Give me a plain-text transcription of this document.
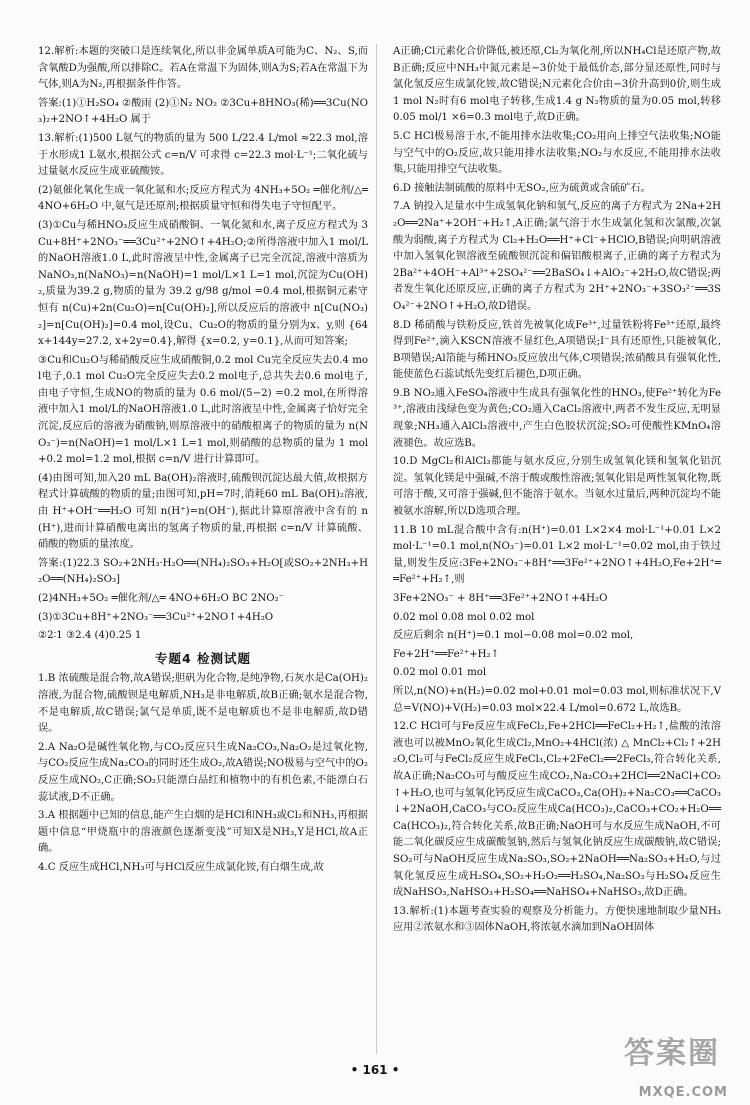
12.解析:本题的突破口是连续氧化,所以非金属单质A可能为C、N₂、S,而含氧酸D为强酸,所以排除C。若A在常温下为固体,则A为S;若A在常温下为气体,则A为N₂,再根据条件作答。

答案:(1)①H₂SO₄ ②酸雨 (2)①N₂ NO₂ ②3Cu+8HNO₃(稀)══3Cu(NO₃)₂+2NO↑+4H₂O 属于

13.解析:(1)500 L氨气的物质的量为 500 L/22.4 L/mol ≈22.3 mol,溶于水形成1 L氨水,根据公式 c=n/V 可求得 c=22.3 mol·L⁻¹;二氧化硫与过量氨水反应生成亚硫酸铵。

(2)氨催化氧化生成一氧化氮和水;反应方程式为 4NH₃+5O₂ ═催化剂/△═ 4NO+6H₂O 中,氨气是还原剂;根据质量守恒和得失电子守恒配平。

(3)①Cu与稀HNO₃反应生成硝酸铜、一氧化氮和水,离子反应方程式为 3Cu+8H⁺+2NO₃⁻══3Cu²⁺+2NO↑+4H₂O;②所得溶液中加入1 mol/L的NaOH溶液1.0 L,此时溶液呈中性,金属离子已完全沉淀,溶液中溶质为NaNO₃,n(NaNO₃)=n(NaOH)=1 mol/L×1 L=1 mol,沉淀为Cu(OH)₂,质量为39.2 g,物质的量为 39.2 g/98 g/mol =0.4 mol,根据铜元素守恒有 n(Cu)+2n(Cu₂O)=n[Cu(OH)₂],所以反应后的溶液中 n[Cu(NO₃)₂]=n[Cu(OH)₂]=0.4 mol,设Cu、Cu₂O的物质的量分别为x、y,则 {64x+144y=27.2, x+2y=0.4},解得 {x=0.2, y=0.1},从而可知答案;

③Cu和Cu₂O与稀硝酸反应生成硝酸铜,0.2 mol Cu完全反应失去0.4 mol电子,0.1 mol Cu₂O完全反应失去0.2 mol电子,总共失去0.6 mol电子,由电子守恒,生成NO的物质的量为 0.6 mol/(5−2) =0.2 mol,在所得溶液中加入1 mol/L的NaOH溶液1.0 L,此时溶液呈中性,金属离子恰好完全沉淀,反应后的溶液为硝酸钠,则原溶液中的硝酸根离子的物质的量为 n(NO₃⁻)=n(NaOH)=1 mol/L×1 L=1 mol,则硝酸的总物质的量为 1 mol+0.2 mol=1.2 mol,根据 c=n/V 进行计算即可。

(4)由图可知,加入20 mL Ba(OH)₂溶液时,硫酸钡沉淀达最大值,故根据方程式计算硫酸的物质的量;由图可知,pH=7时,消耗60 mL Ba(OH)₂溶液,由 H⁺+OH⁻══H₂O 可知 n(H⁺)=n(OH⁻),据此计算原溶液中含有的 n(H⁺),进而计算硝酸电离出的氢离子物质的量,再根据 c=n/V 计算硫酸、硝酸的物质的量浓度。

答案:(1)22.3 SO₂+2NH₃·H₂O══(NH₄)₂SO₃+H₂O[或SO₂+2NH₃+H₂O══(NH₄)₂SO₃]

(2)4NH₃+5O₂ ═催化剂/△═ 4NO+6H₂O BC 2NO₂⁻

(3)①3Cu+8H⁺+2NO₃⁻══3Cu²⁺+2NO↑+4H₂O

②2∶1 ③2.4 (4)0.25 1

专题4 检测试题

1.B 浓硫酸是混合物,故A错误;胆矾为化合物,是纯净物,石灰水是Ca(OH)₂溶液,为混合物,硫酸钡是电解质,NH₃是非电解质,故B正确;氨水是混合物,不是电解质,故C错误;氯气是单质,既不是电解质也不是非电解质,故D错误。

2.A Na₂O是碱性氧化物,与CO₂反应只生成Na₂CO₃,Na₂O₂是过氧化物,与CO₂反应生成Na₂CO₃的同时还生成O₂,故A错误;NO极易与空气中的O₂反应生成NO₂,C正确;SO₂只能漂白品红和植物中的有机色素,不能漂白石蕊试液,D不正确。

3.A 根据题中已知的信息,能产生白烟的是HCl和NH₃或Cl₂和NH₃,再根据题中信息“甲烧瓶中的溶液颜色逐渐变浅”可知X是NH₃,Y是HCl,故A正确。

4.C 反应生成HCl,NH₃可与HCl反应生成氯化铵,有白烟生成,故

A正确;Cl元素化合价降低,被还原,Cl₂为氧化剂,所以NH₄Cl是还原产物,故B正确;反应中NH₃中氮元素是−3价处于最低价态,部分显还原性,同时与氯化氢反应生成氯化铵,故C错误;N元素化合价由−3价升高到0价,则生成1 mol N₂时有6 mol电子转移,生成1.4 g N₂物质的量为0.05 mol,转移 0.05 mol/1 ×6=0.3 mol电子,故D正确。

5.C HCl极易溶于水,不能用排水法收集;CO₂用向上排空气法收集;NO能与空气中的O₂反应,故只能用排水法收集;NO₂与水反应,不能用排水法收集,只能用排空气法收集。

6.D 接触法制硫酸的原料中无SO₂,应为硫黄或含硫矿石。

7.A 钠投入足量水中生成氢氧化钠和氢气,反应的离子方程式为 2Na+2H₂O══2Na⁺+2OH⁻+H₂↑,A正确;氯气溶于水生成氯化氢和次氯酸,次氯酸为弱酸,离子方程式为 Cl₂+H₂O══H⁺+Cl⁻+HClO,B错误;向明矾溶液中加入氢氧化钡溶液至硫酸钡沉淀和偏铝酸根离子,正确的离子方程式为 2Ba²⁺+4OH⁻+Al³⁺+2SO₄²⁻══2BaSO₄↓+AlO₂⁻+2H₂O,故C错误;两者发生氧化还原反应,正确的离子方程式为 2H⁺+2NO₃⁻+3SO₃²⁻══3SO₄²⁻+2NO↑+H₂O,故D错误。

8.D 稀硝酸与铁粉反应,铁首先被氧化成Fe³⁺,过量铁粉将Fe³⁺还原,最终得到Fe²⁺,滴入KSCN溶液不显红色,A项错误;I⁻具有还原性,只能被氧化,B项错误;Al箔能与稀HNO₃反应放出气体,C项错误;浓硝酸具有强氧化性,能使蓝色石蕊试纸先变红后褪色,D项正确。

9.B NO₂通入FeSO₄溶液中生成具有强氧化性的HNO₃,使Fe²⁺转化为Fe³⁺,溶液由浅绿色变为黄色;CO₂通入CaCl₂溶液中,两者不发生反应,无明显现象;NH₃通入AlCl₃溶液中,产生白色胶状沉淀;SO₂可使酸性KMnO₄溶液褪色。故应选B。

10.D MgCl₂和AlCl₃都能与氨水反应,分别生成氢氧化镁和氢氧化铝沉淀。氢氧化镁是中强碱,不溶于酸或酸性溶液;氢氧化铝是两性氢氧化物,既可溶于酸,又可溶于强碱,但不能溶于氨水。当氨水过量后,两种沉淀均不能被氨水溶解,所以D选项合理。

11.B 10 mL混合酸中含有:n(H⁺)=0.01 L×2×4 mol·L⁻¹+0.01 L×2 mol·L⁻¹=0.1 mol,n(NO₃⁻)=0.01 L×2 mol·L⁻¹=0.02 mol,由于铁过量,则发生反应:3Fe+2NO₃⁻+8H⁺══3Fe²⁺+2NO↑+4H₂O,Fe+2H⁺══Fe²⁺+H₂↑,则

3Fe+2NO₃⁻ + 8H⁺══3Fe²⁺+2NO↑+4H₂O

0.02 mol 0.08 mol 0.02 mol

反应后剩余 n(H⁺)=0.1 mol−0.08 mol=0.02 mol,

Fe+2H⁺══Fe²⁺+H₂↑

0.02 mol 0.01 mol

所以,n(NO)+n(H₂)=0.02 mol+0.01 mol=0.03 mol,则标准状况下,V总=V(NO)+V(H₂)=0.03 mol×22.4 L/mol=0.672 L,故选B。

12.C HCl可与Fe反应生成FeCl₂,Fe+2HCl══FeCl₂+H₂↑,盐酸的浓溶液也可以被MnO₂氧化生成Cl₂,MnO₂+4HCl(浓) △ MnCl₂+Cl₂↑+2H₂O,Cl₂可与FeCl₂反应生成FeCl₃,Cl₂+2FeCl₂══2FeCl₃,符合转化关系,故A正确;Na₂CO₃可与酸反应生成CO₂,Na₂CO₃+2HCl══2NaCl+CO₂↑+H₂O,也可与氢氧化钙反应生成CaCO₃,Ca(OH)₂+Na₂CO₃══CaCO₃↓+2NaOH,CaCO₃与CO₂反应生成Ca(HCO₃)₂,CaCO₃+CO₂+H₂O══Ca(HCO₃)₂,符合转化关系,故B正确;NaOH可与水反应生成NaOH,不可能二氧化碳反应生成碳酸氢钠,然后与氢氧化钠反应生成碳酸钠,故C错误;SO₂可与NaOH反应生成Na₂SO₃,SO₂+2NaOH══Na₂SO₃+H₂O,与过氧化氢反应生成H₂SO₄,SO₂+H₂O₂══H₂SO₄,Na₂SO₃与H₂SO₄反应生成NaHSO₃,NaHSO₃+H₂SO₄══NaHSO₄+NaHSO₃,故D正确。

13.解析:(1)本题考查实验的观察及分析能力。方便快速地制取少量NH₃应用②浓氨水和③固体NaOH,将浓氨水滴加到NaOH固体

• 161 •	答案圈
MXQE.COM
